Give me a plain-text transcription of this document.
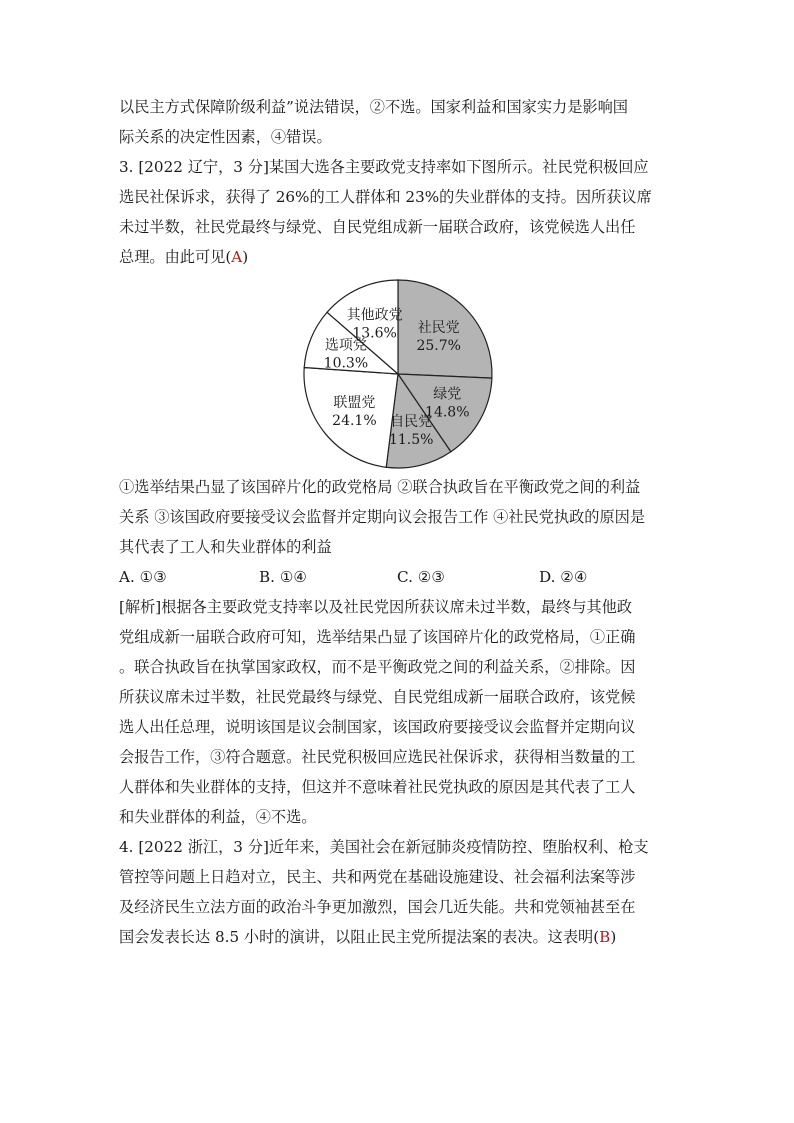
以民主方式保障阶级利益”说法错误，②不选。国家利益和国家实力是影响国

际关系的决定性因素，④错误。

3. [2022 辽宁，3 分]某国大选各主要政党支持率如下图所示。社民党积极回应

选民社保诉求，获得了 26%的工人群体和 23%的失业群体的支持。因所获议席

未过半数，社民党最终与绿党、自民党组成新一届联合政府，该党候选人出任

总理。由此可见(A)

社民党
25.7%
绿党
14.8%
自民党
11.5%
联盟党
24.1%
选项党
10.3%
其他政党
13.6%

①选举结果凸显了该国碎片化的政党格局 ②联合执政旨在平衡政党之间的利益

关系 ③该国政府要接受议会监督并定期向议会报告工作 ④社民党执政的原因是

其代表了工人和失业群体的利益

A. ①③	B. ①④	C. ②③	D. ②④

[解析]根据各主要政党支持率以及社民党因所获议席未过半数，最终与其他政

党组成新一届联合政府可知，选举结果凸显了该国碎片化的政党格局，①正确

。联合执政旨在执掌国家政权，而不是平衡政党之间的利益关系，②排除。因

所获议席未过半数，社民党最终与绿党、自民党组成新一届联合政府，该党候

选人出任总理，说明该国是议会制国家，该国政府要接受议会监督并定期向议

会报告工作，③符合题意。社民党积极回应选民社保诉求，获得相当数量的工

人群体和失业群体的支持，但这并不意味着社民党执政的原因是其代表了工人

和失业群体的利益，④不选。

4. [2022 浙江，3 分]近年来，美国社会在新冠肺炎疫情防控、堕胎权利、枪支

管控等问题上日趋对立，民主、共和两党在基础设施建设、社会福利法案等涉

及经济民生立法方面的政治斗争更加激烈，国会几近失能。共和党领袖甚至在

国会发表长达 8.5 小时的演讲，以阻止民主党所提法案的表决。这表明(B)
